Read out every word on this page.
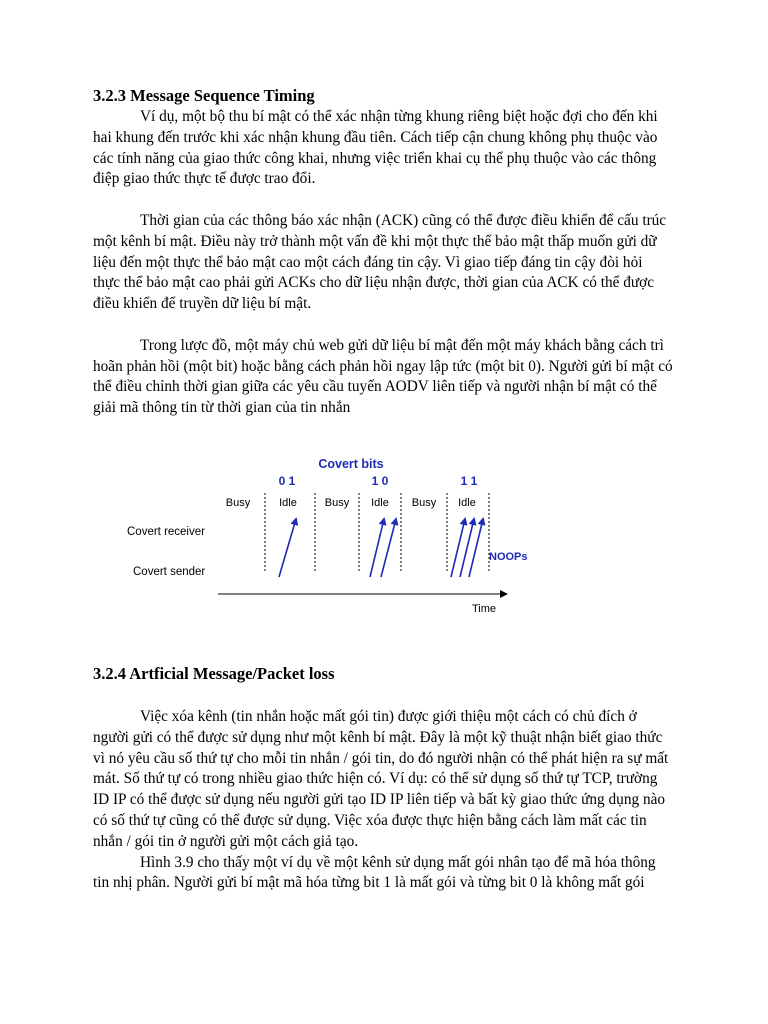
3.2.3 Message Sequence Timing

Ví dụ, một bộ thu bí mật có thể xác nhận từng khung riêng biệt hoặc đợi cho đến khi hai khung đến trước khi xác nhận khung đầu tiên. Cách tiếp cận chung không phụ thuộc vào các tính năng của giao thức công khai, nhưng việc triển khai cụ thể phụ thuộc vào các thông điệp giao thức thực tế được trao đổi.

Thời gian của các thông báo xác nhận (ACK) cũng có thể được điều khiển để cấu trúc một kênh bí mật. Điều này trở thành một vấn đề khi một thực thể bảo mật thấp muốn gửi dữ liệu đến một thực thể bảo mật cao một cách đáng tin cậy. Vì giao tiếp đáng tin cậy đòi hỏi thực thể bảo mật cao phải gửi ACKs cho dữ liệu nhận được, thời gian của ACK có thể được điều khiển để truyền dữ liệu bí mật.

Trong lược đồ, một máy chủ web gửi dữ liệu bí mật đến một máy khách bằng cách trì hoãn phản hồi (một bit) hoặc bằng cách phản hồi ngay lập tức (một bit 0). Người gửi bí mật có thể điều chỉnh thời gian giữa các yêu cầu tuyến AODV liên tiếp và người nhận bí mật có thể giải mã thông tin từ thời gian của tin nhắn

Covert bits
0 1	1 0	1 1
Busy	Idle	Busy Idle Busy Idle
Covert receiver
Covert sender
NOOPs
Time
3.2.4 Artficial Message/Packet loss

Việc xóa kênh (tin nhắn hoặc mất gói tin) được giới thiệu một cách có chủ đích ở người gửi có thể được sử dụng như một kênh bí mật. Đây là một kỹ thuật nhận biết giao thức vì nó yêu cầu số thứ tự cho mỗi tin nhắn / gói tin, do đó người nhận có thể phát hiện ra sự mất mát. Số thứ tự có trong nhiều giao thức hiện có. Ví dụ: có thể sử dụng số thứ tự TCP, trường ID IP có thể được sử dụng nếu người gửi tạo ID IP liên tiếp và bất kỳ giao thức ứng dụng nào có số thứ tự cũng có thể được sử dụng. Việc xóa được thực hiện bằng cách làm mất các tin nhắn / gói tin ở người gửi một cách giả tạo.

Hình 3.9 cho thấy một ví dụ về một kênh sử dụng mất gói nhân tạo để mã hóa thông tin nhị phân. Người gửi bí mật mã hóa từng bit 1 là mất gói và từng bit 0 là không mất gói
